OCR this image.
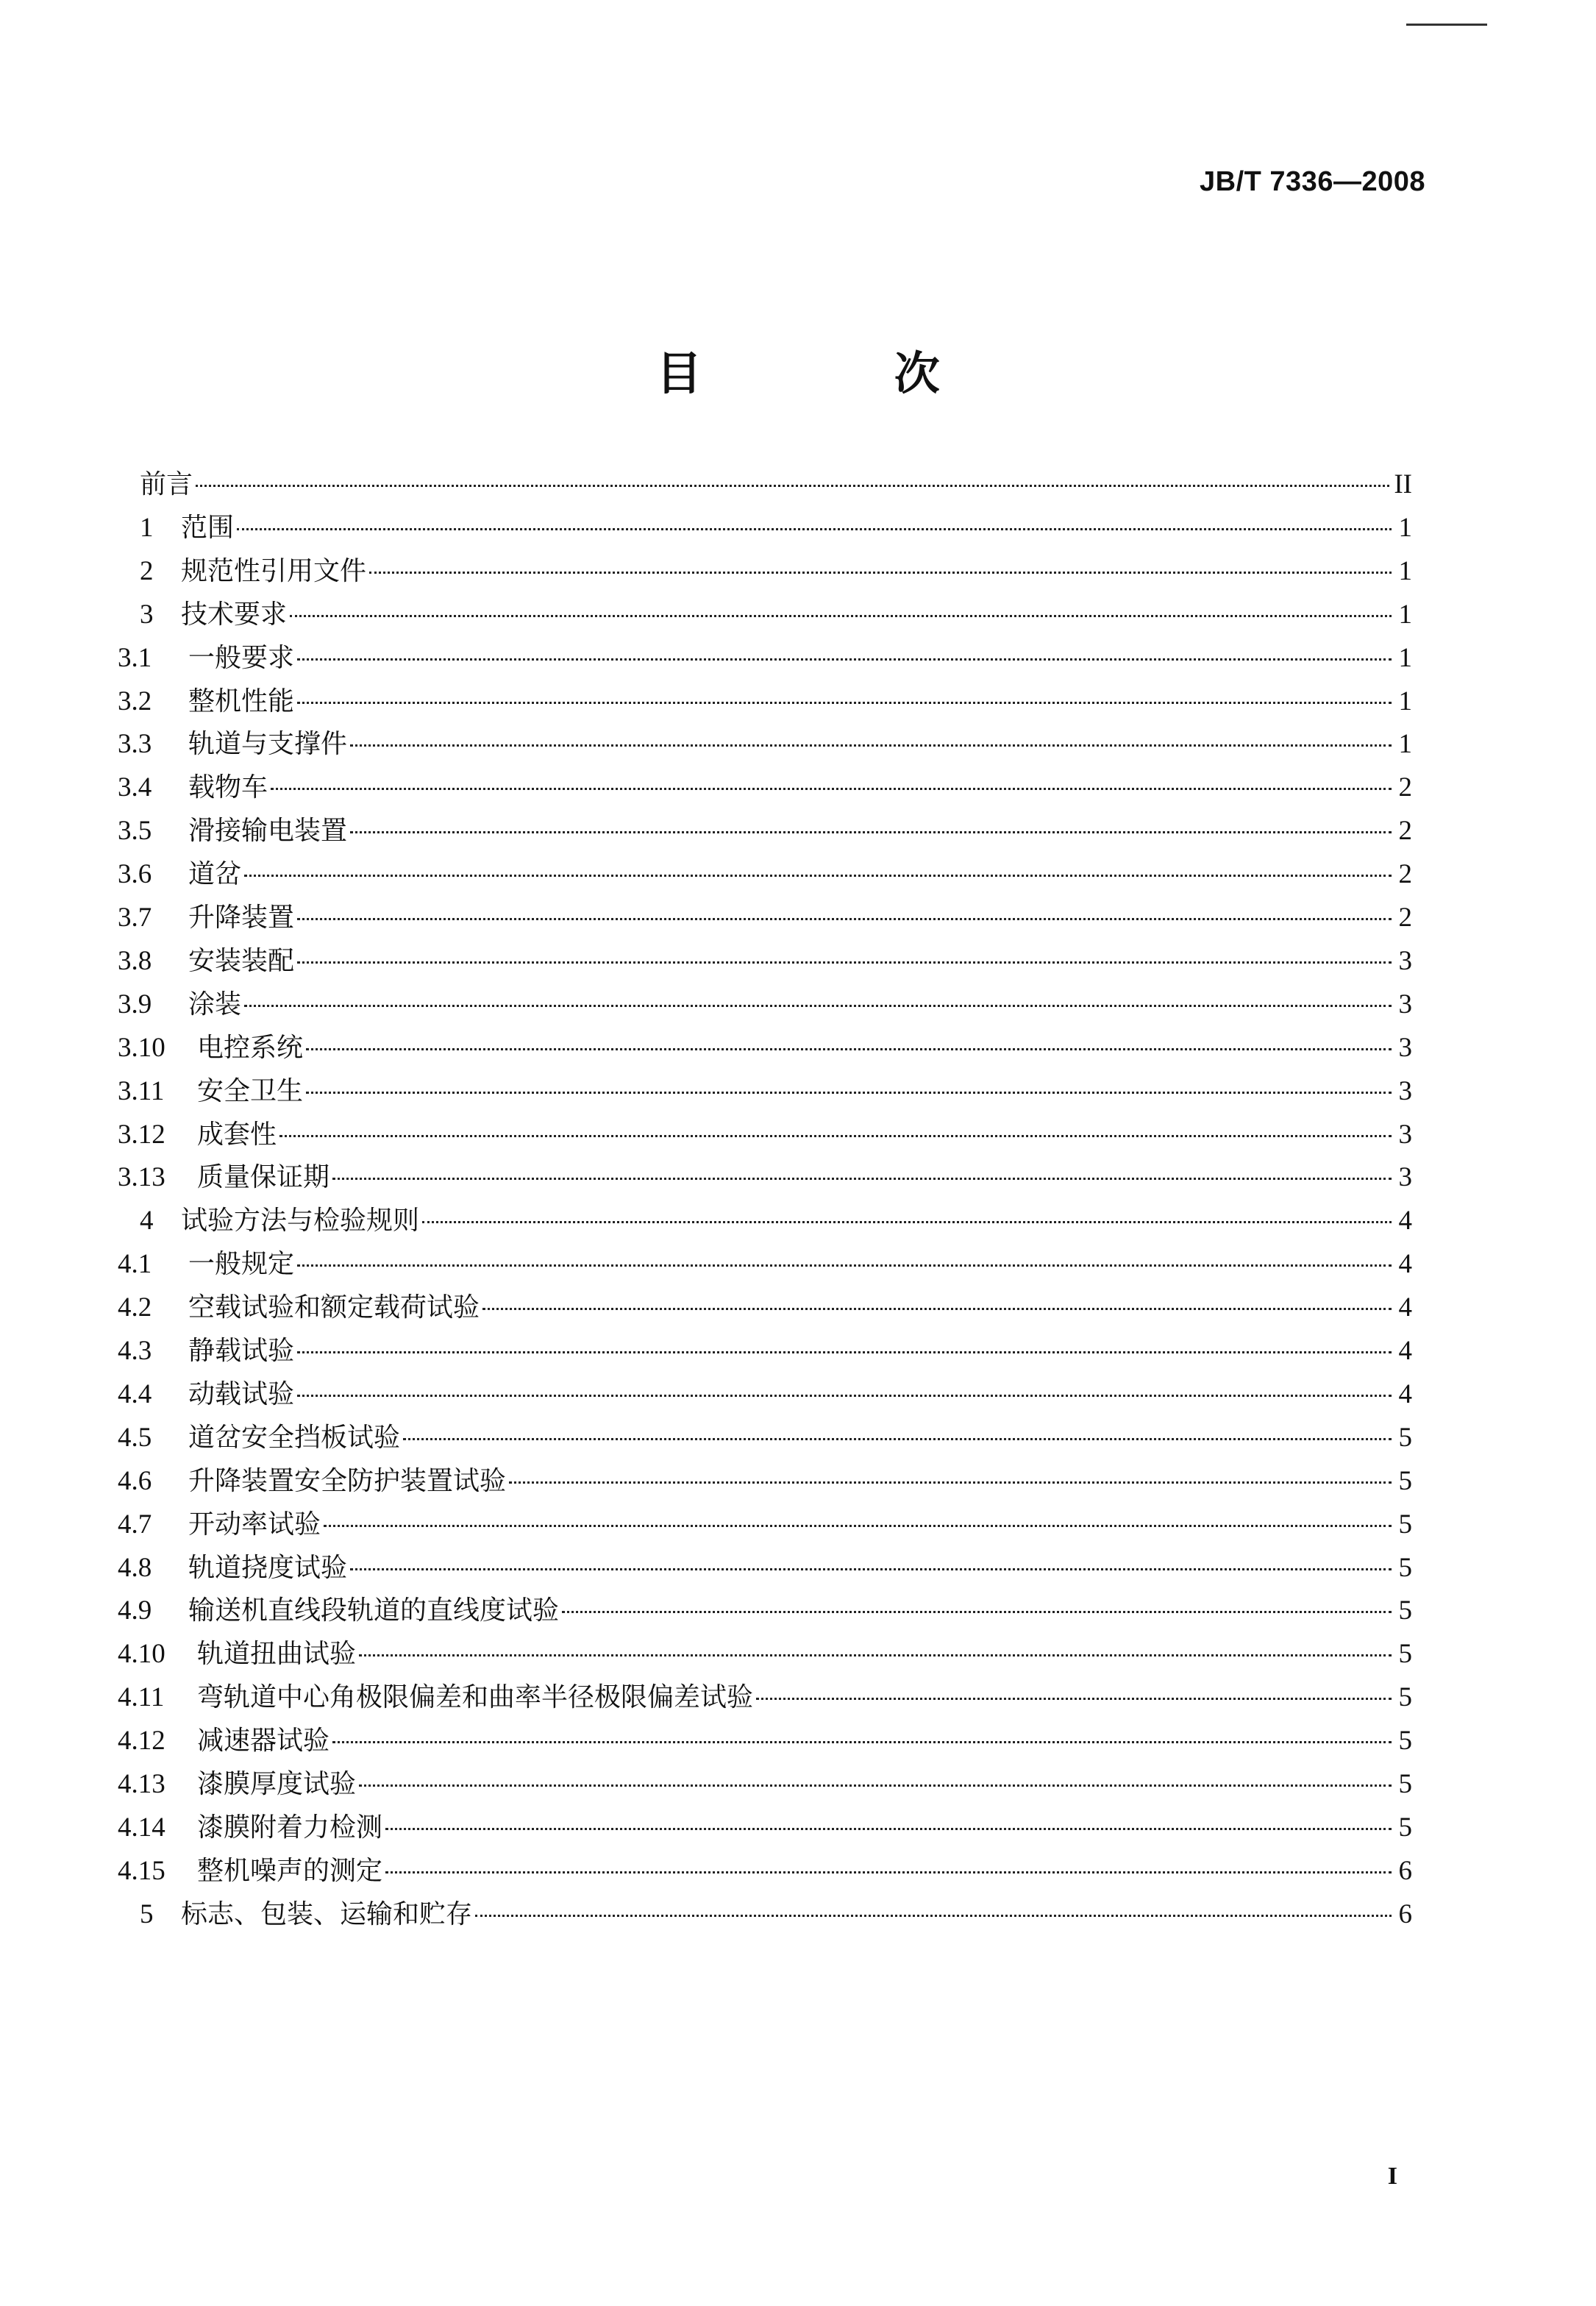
JB/T 7336—2008
目 次
前言	II
1	范围	1
2	规范性引用文件	1
3	技术要求	1
3.1	一般要求	1
3.2	整机性能	1
3.3	轨道与支撑件	1
3.4	载物车	2
3.5	滑接输电装置	2
3.6	道岔	2
3.7	升降装置	2
3.8	安装装配	3
3.9	涂装	3
3.10	电控系统	3
3.11	安全卫生	3
3.12	成套性	3
3.13	质量保证期	3
4	试验方法与检验规则	4
4.1	一般规定	4
4.2	空载试验和额定载荷试验	4
4.3	静载试验	4
4.4	动载试验	4
4.5	道岔安全挡板试验	5
4.6	升降装置安全防护装置试验	5
4.7	开动率试验	5
4.8	轨道挠度试验	5
4.9	输送机直线段轨道的直线度试验	5
4.10	轨道扭曲试验	5
4.11	弯轨道中心角极限偏差和曲率半径极限偏差试验	5
4.12	减速器试验	5
4.13	漆膜厚度试验	5
4.14	漆膜附着力检测	5
4.15	整机噪声的测定	6
5	标志、包装、运输和贮存	6
I
